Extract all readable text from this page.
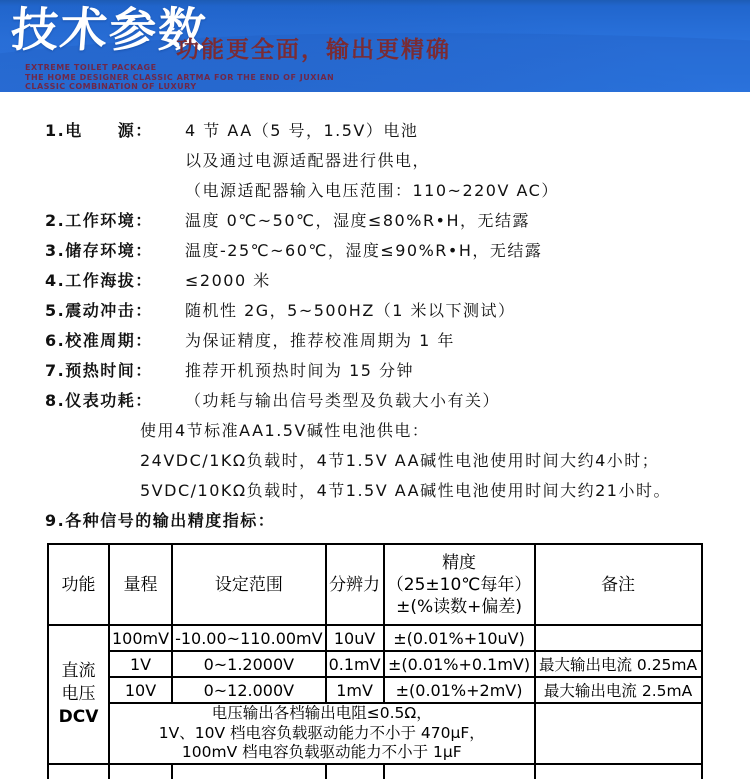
技术参数
功能更全面，输出更精确
EXTREME TOILET PACKAGE
THE HOME DESIGNER CLASSIC ARTMA FOR THE END OF JUXIAN
CLASSIC COMBINATION OF LUXURY
1.电　　源： 4 节 AA（5 号，1.5V）电池
以及通过电源适配器进行供电，
（电源适配器输入电压范围：110~220V AC）
2.工作环境： 温度 0℃~50℃，湿度≤80%R•H，无结露
3.储存环境： 温度-25℃~60℃，湿度≤90%R•H，无结露
4.工作海拔： ≤2000 米
5.震动冲击： 随机性 2G，5~500HZ（1 米以下测试）
6.校准周期： 为保证精度，推荐校准周期为 1 年
7.预热时间： 推荐开机预热时间为 15 分钟
8.仪表功耗： （功耗与输出信号类型及负载大小有关）
使用4节标准AA1.5V碱性电池供电：
24VDC/1KΩ负载时，4节1.5V AA碱性电池使用时间大约4小时；
5VDC/10KΩ负载时，4节1.5V AA碱性电池使用时间大约21小时。
9.各种信号的输出精度指标：
功能	量程	设定范围	分辨力	精度
（25±10℃每年）
±(%读数+偏差)	备注

直流
电压
DCV	100mV	-10.00~110.00mV	10uV	±(0.01%+10uV)	
	1V	0~1.2000V	0.1mV	±(0.01%+0.1mV)	最大输出电流 0.25mA
	10V	0~12.000V	1mV	±(0.01%+2mV)	最大输出电流 2.5mA

	电压输出各档输出电阻≤0.5Ω，
1V、10V 档电容负载驱动能力不小于 470μF，
100mV 档电容负载驱动能力不小于 1μF				
